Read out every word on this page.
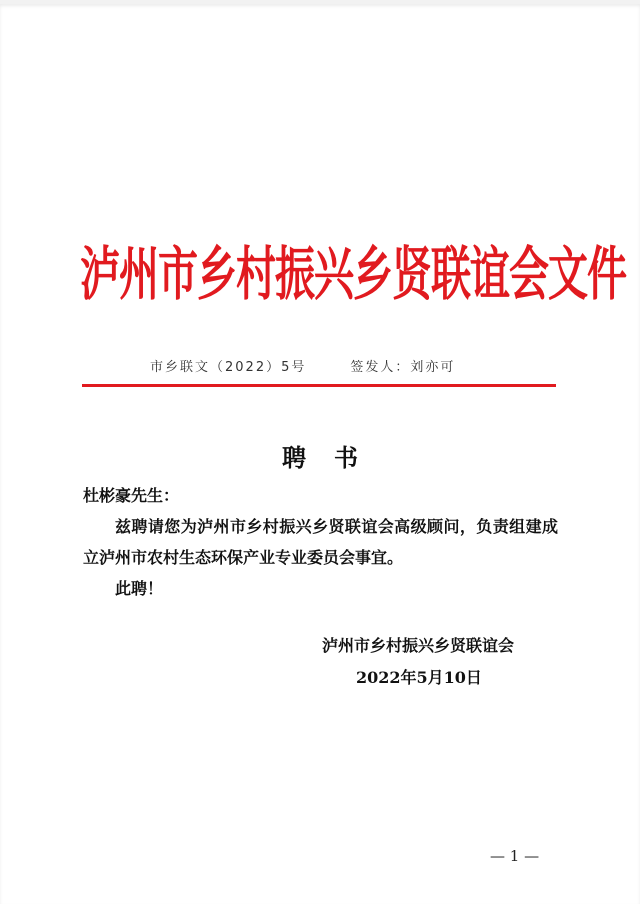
泸州市乡村振兴乡贤联谊会文件
市乡联文（2022）5号	签发人：刘亦可
聘书
杜彬豪先生：
兹聘请您为泸州市乡村振兴乡贤联谊会高级顾问，负责组建成立泸州市农村生态环保产业专业委员会事宜。
此聘！
泸州市乡村振兴乡贤联谊会
2022年5月10日
— 1 —
